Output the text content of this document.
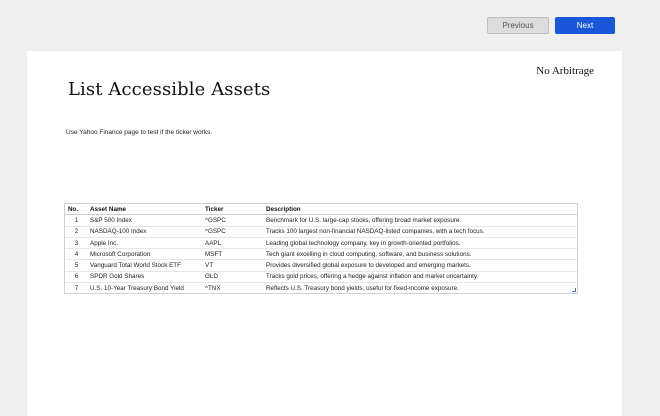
Previous	Next
No Arbitrage
List Accessible Assets
Use Yahoo Finance page to test if the ticker works.
No.	Asset Name	Ticker	Description
1	S&P 500 Index	^GSPC	Benchmark for U.S. large-cap stocks, offering broad market exposure.
2	NASDAQ-100 Index	^GSPC	Tracks 100 largest non-financial NASDAQ-listed companies, with a tech focus.
3	Apple Inc.	AAPL	Leading global technology company, key in growth-oriented portfolios.
4	Microsoft Corporation	MSFT	Tech giant excelling in cloud computing, software, and business solutions.
5	Vanguard Total World Stock ETF	VT	Provides diversified global exposure to developed and emerging markets.
6	SPDR Gold Shares	GLD	Tracks gold prices, offering a hedge against inflation and market uncertainty.
7	U.S. 10-Year Treasury Bond Yield	^TNX	Reflects U.S. Treasury bond yields, useful for fixed-income exposure.
